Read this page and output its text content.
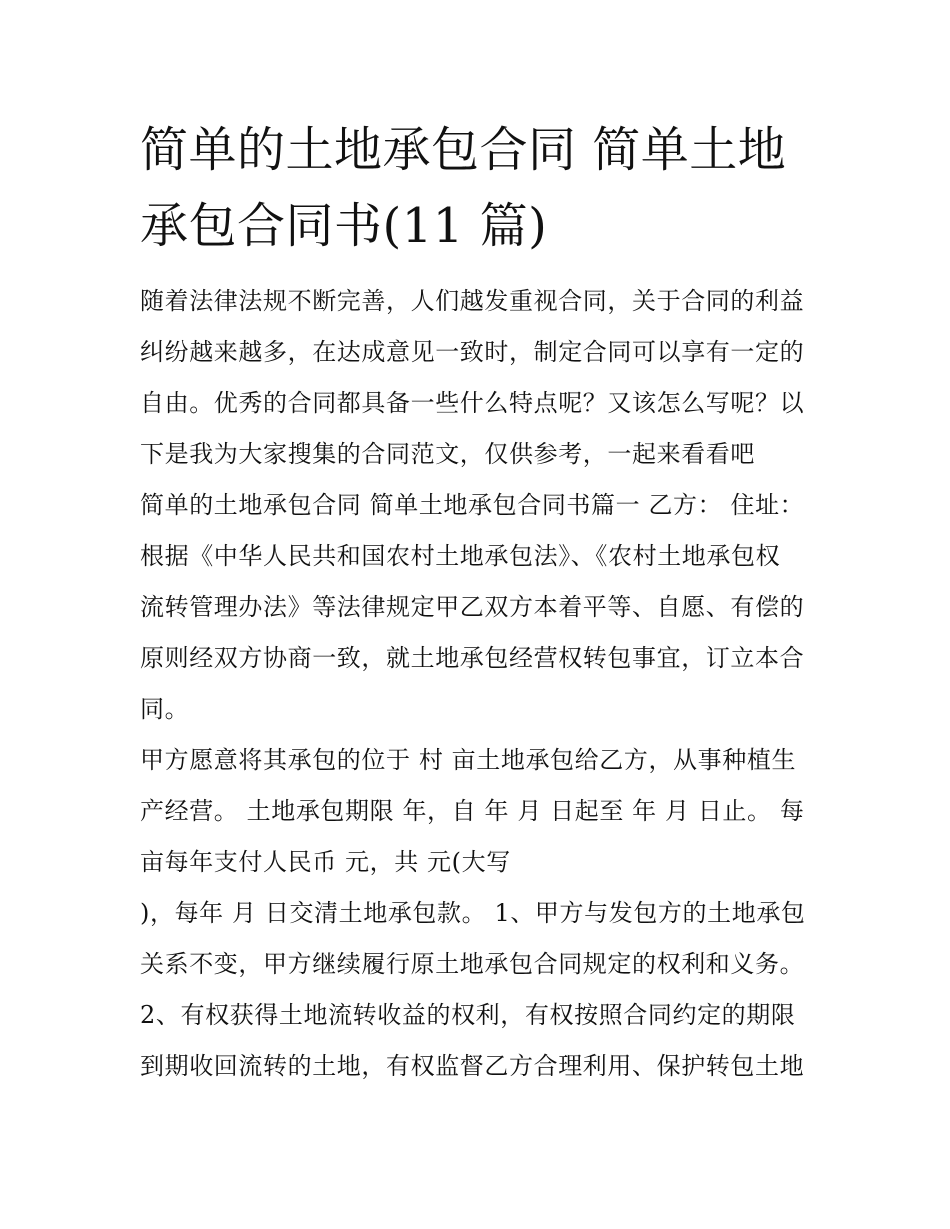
简单的土地承包合同 简单土地
承包合同书(11 篇)
随着法律法规不断完善，人们越发重视合同，关于合同的利益
纠纷越来越多，在达成意见一致时，制定合同可以享有一定的
自由。优秀的合同都具备一些什么特点呢？又该怎么写呢？以
下是我为大家搜集的合同范文，仅供参考，一起来看看吧
简单的土地承包合同 简单土地承包合同书篇一 乙方： 住址：
根据《中华人民共和国农村土地承包法》、《农村土地承包权
流转管理办法》等法律规定甲乙双方本着平等、自愿、有偿的
原则经双方协商一致，就土地承包经营权转包事宜，订立本合
同。
甲方愿意将其承包的位于 村 亩土地承包给乙方，从事种植生
产经营。 土地承包期限 年，自 年 月 日起至 年 月 日止。 每
亩每年支付人民币 元，共 元(大写
)，每年 月 日交清土地承包款。 1、甲方与发包方的土地承包
关系不变，甲方继续履行原土地承包合同规定的权利和义务。
2、有权获得土地流转收益的权利，有权按照合同约定的期限
到期收回流转的土地，有权监督乙方合理利用、保护转包土地
